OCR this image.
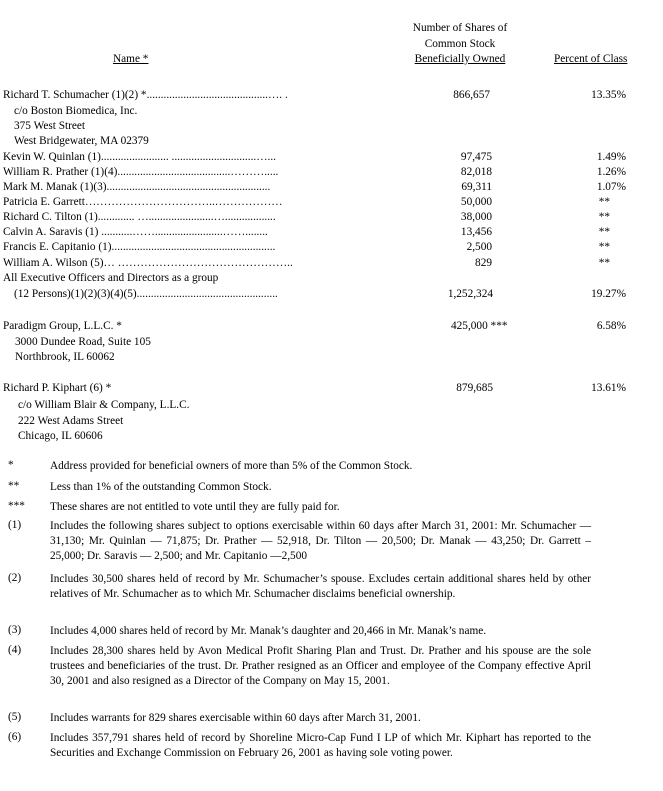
Number of Shares of
Common Stock
Beneficially Owned
Name *	Percent of Class
Richard T. Schumacher (1)(2) *...........................................…. .	866,657	13.35%
c/o Boston Biomedica, Inc.
375 West Street
West Bridgewater, MA 02379
Kevin W. Quinlan (1)........................ ..............................…...	97,475	1.49%
William R. Prather (1)(4)........................................……….....	82,018	1.26%
Mark M. Manak (1)(3)..........................................................	69,311	1.07%
Patricia E. Garrett……………………………..………………	50,000	**
Richard C. Tilton (1)............. ….......................…..................	38,000	**
Calvin A. Saravis (1) ...........……........................……........	13,456	**
Francis E. Capitanio (1)..........................................................	2,500	**
William A. Wilson (5)… ………………………………………..	829	**
All Executive Officers and Directors as a group
(12 Persons)(1)(2)(3)(4)(5)..................................................	1,252,324	19.27%
Paradigm Group, L.L.C. *	425,000 ***	6.58%
3000 Dundee Road, Suite 105
Northbrook, IL 60062
Richard P. Kiphart (6) *	879,685	13.61%
c/o William Blair & Company, L.L.C.
222 West Adams Street
Chicago, IL 60606
*	Address provided for beneficial owners of more than 5% of the Common Stock.
**	Less than 1% of the outstanding Common Stock.
*** These shares are not entitled to vote until they are fully paid for.
(1)	Includes the following shares subject to options exercisable within 60 days after March 31, 2001: Mr. Schumacher — 31,130; Mr. Quinlan — 71,875; Dr. Prather — 52,918, Dr. Tilton — 20,500; Dr. Manak — 43,250; Dr. Garrett – 25,000; Dr. Saravis — 2,500; and Mr. Capitanio —2,500
(2)	Includes 30,500 shares held of record by Mr. Schumacher’s spouse. Excludes certain additional shares held by other relatives of Mr. Schumacher as to which Mr. Schumacher disclaims beneficial ownership.
(3)	Includes 4,000 shares held of record by Mr. Manak’s daughter and 20,466 in Mr. Manak’s name.
(4)	Includes 28,300 shares held by Avon Medical Profit Sharing Plan and Trust. Dr. Prather and his spouse are the sole trustees and beneficiaries of the trust. Dr. Prather resigned as an Officer and employee of the Company effective April 30, 2001 and also resigned as a Director of the Company on May 15, 2001.
(5)	Includes warrants for 829 shares exercisable within 60 days after March 31, 2001.
(6)	Includes 357,791 shares held of record by Shoreline Micro-Cap Fund I LP of which Mr. Kiphart has reported to the Securities and Exchange Commission on February 26, 2001 as having sole voting power.
